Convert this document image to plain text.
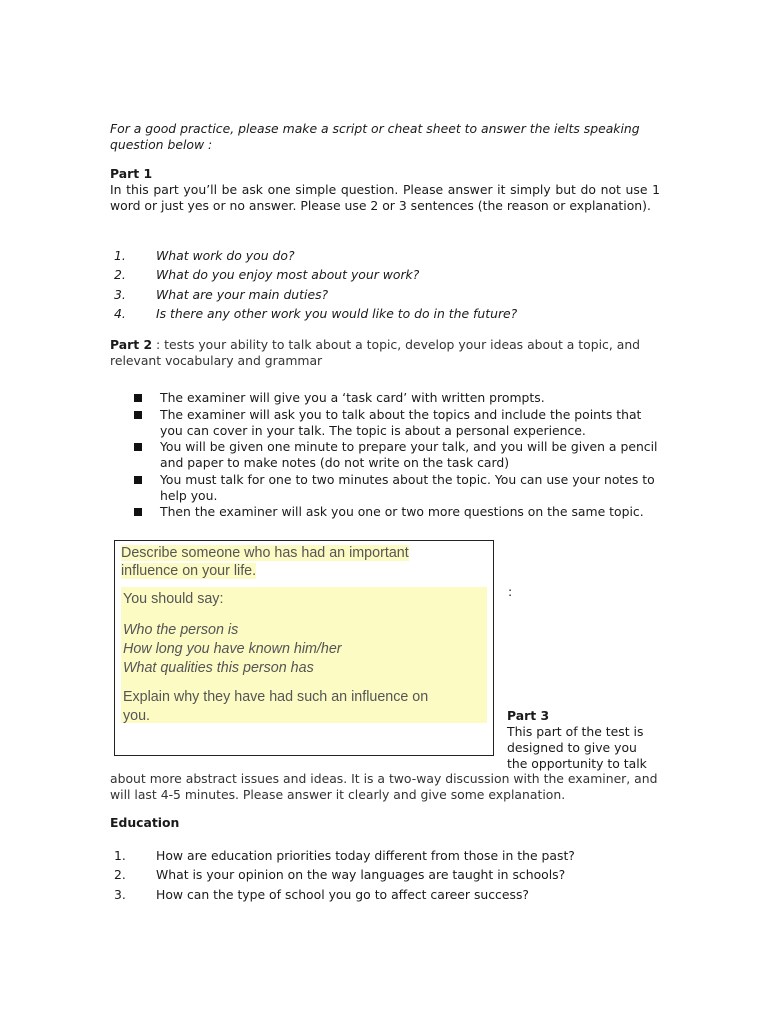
For a good practice, please make a script or cheat sheet to answer the ielts speaking question below :

Part 1

In this part you’ll be ask one simple question. Please answer it simply but do not use 1 word or just yes or no answer. Please use 2 or 3 sentences (the reason or explanation).

1.	What work do you do?
2.	What do you enjoy most about your work?
3.	What are your main duties?
4.	Is there any other work you would like to do in the future?

Part 2 : tests your ability to talk about a topic, develop your ideas about a topic, and relevant vocabulary and grammar

The examiner will give you a ‘task card’ with written prompts.
The examiner will ask you to talk about the topics and include the points that you can cover in your talk. The topic is about a personal experience.
You will be given one minute to prepare your talk, and you will be given a pencil and paper to make notes (do not write on the task card)
You must talk for one to two minutes about the topic. You can use your notes to help you.
Then the examiner will ask you one or two more questions on the same topic.
Describe someone who has had an important
influence on your life.
You should say:
Who the person is
How long you have known him/her
What qualities this person has
Explain why they have had such an influence on
you.
:
Part 3
This part of the test is
designed to give you
the opportunity to talk
about more abstract issues and ideas. It is a two-way discussion with the examiner, and will last 4-5 minutes. Please answer it clearly and give some explanation.
Education
1.	How are education priorities today different from those in the past?
2.	What is your opinion on the way languages are taught in schools?
3.	How can the type of school you go to affect career success?
